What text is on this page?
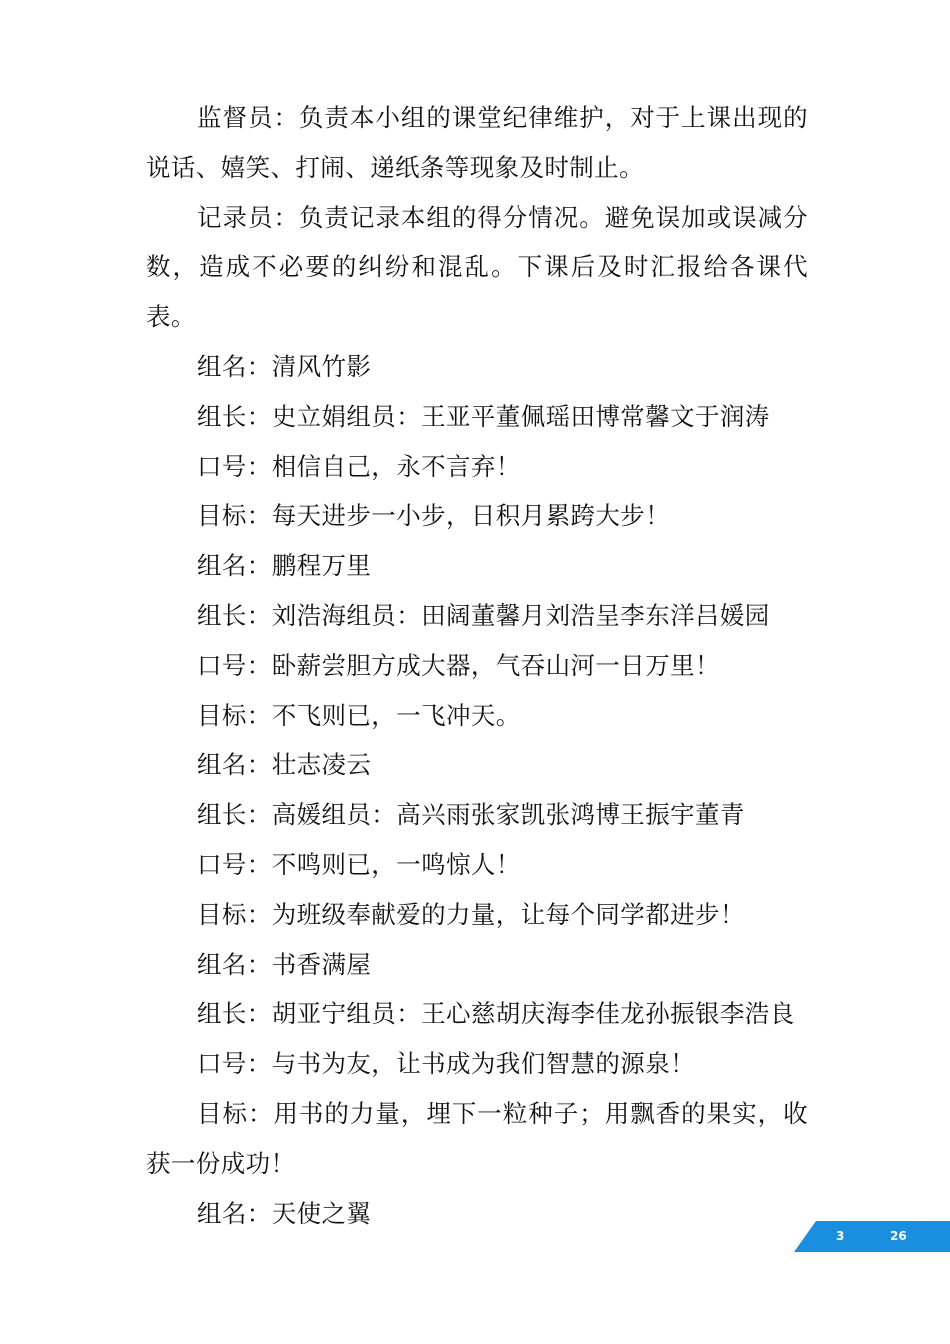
监督员：负责本小组的课堂纪律维护，对于上课出现的说话、嬉笑、打闹、递纸条等现象及时制止。

记录员：负责记录本组的得分情况。避免误加或误减分数，造成不必要的纠纷和混乱。下课后及时汇报给各课代表。

组名：清风竹影

组长：史立娟组员：王亚平董佩瑶田博常馨文于润涛

口号：相信自己，永不言弃！

目标：每天进步一小步，日积月累跨大步！

组名：鹏程万里

组长：刘浩海组员：田阔董馨月刘浩呈李东洋吕媛园

口号：卧薪尝胆方成大器，气吞山河一日万里！

目标：不飞则已，一飞冲天。

组名：壮志凌云

组长：高媛组员：高兴雨张家凯张鸿博王振宇董青

口号：不鸣则已，一鸣惊人！

目标：为班级奉献爱的力量，让每个同学都进步！

组名：书香满屋

组长：胡亚宁组员：王心慈胡庆海李佳龙孙振银李浩良

口号：与书为友，让书成为我们智慧的源泉！

目标：用书的力量，埋下一粒种子；用飘香的果实，收获一份成功！

组名：天使之翼

3	26
